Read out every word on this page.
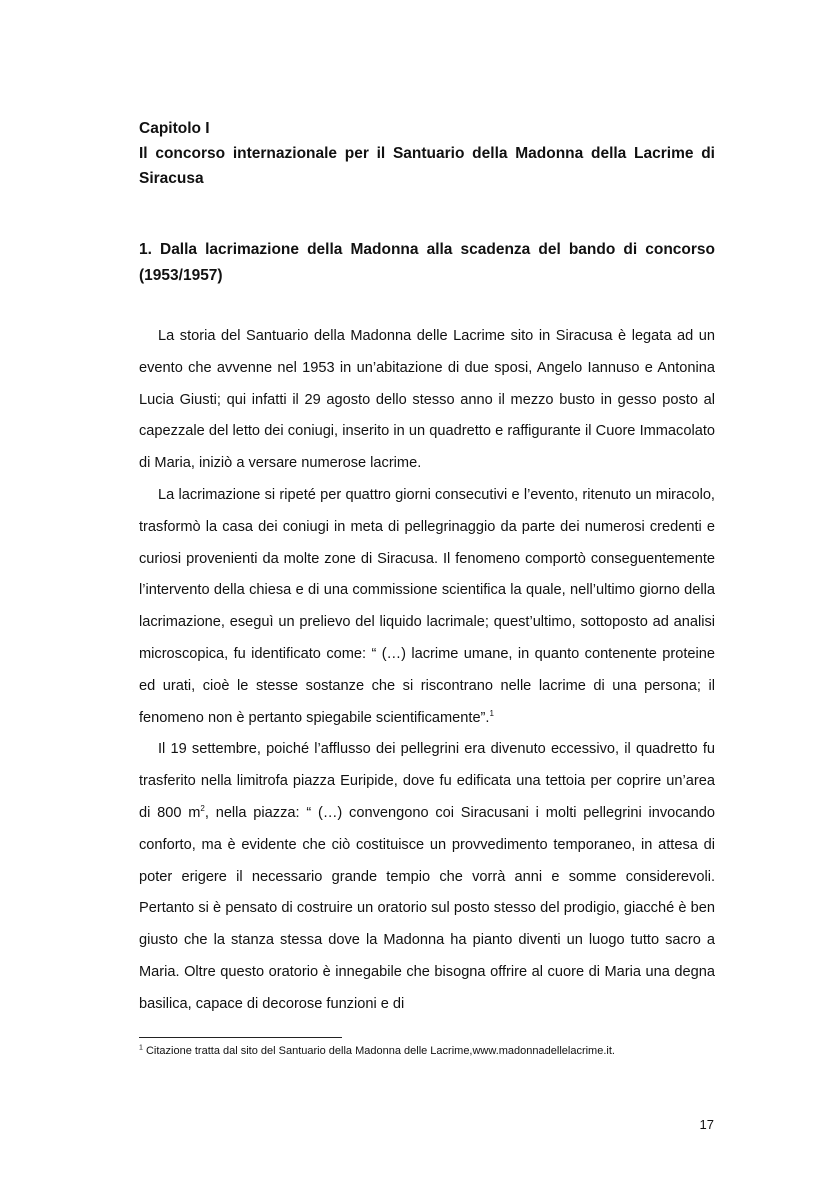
Capitolo I
Il concorso internazionale per il Santuario della Madonna della Lacrime di Siracusa
1. Dalla lacrimazione della Madonna alla scadenza del bando di concorso (1953/1957)

La storia del Santuario della Madonna delle Lacrime sito in Siracusa è legata ad un evento che avvenne nel 1953 in un’abitazione di due sposi, Angelo Iannuso e Antonina Lucia Giusti; qui infatti il 29 agosto dello stesso anno il mezzo busto in gesso posto al capezzale del letto dei coniugi, inserito in un quadretto e raffigurante il Cuore Immacolato di Maria, iniziò a versare numerose lacrime.

La lacrimazione si ripeté per quattro giorni consecutivi e l’evento, ritenuto un miracolo, trasformò la casa dei coniugi in meta di pellegrinaggio da parte dei numerosi credenti e curiosi provenienti da molte zone di Siracusa. Il fenomeno comportò conseguentemente l’intervento della chiesa e di una commissione scientifica la quale, nell’ultimo giorno della lacrimazione, eseguì un prelievo del liquido lacrimale; quest’ultimo, sottoposto ad analisi microscopica, fu identificato come: “ (…) lacrime umane, in quanto contenente proteine ed urati, cioè le stesse sostanze che si riscontrano nelle lacrime di una persona; il fenomeno non è pertanto spiegabile scientificamente”.$^1$

Il 19 settembre, poiché l’afflusso dei pellegrini era divenuto eccessivo, il quadretto fu trasferito nella limitrofa piazza Euripide, dove fu edificata una tettoia per coprire un’area di 800 $m^2$, nella piazza: “ (…) convengono coi Siracusani i molti pellegrini invocando conforto, ma è evidente che ciò costituisce un provvedimento temporaneo, in attesa di poter erigere il necessario grande tempio che vorrà anni e somme considerevoli. Pertanto si è pensato di costruire un oratorio sul posto stesso del prodigio, giacché è ben giusto che la stanza stessa dove la Madonna ha pianto diventi un luogo tutto sacro a Maria. Oltre questo oratorio è innegabile che bisogna offrire al cuore di Maria una degna basilica, capace di decorose funzioni e di

$^1$ Citazione tratta dal sito del Santuario della Madonna delle Lacrime,www.madonnadellelacrime.it.

17
